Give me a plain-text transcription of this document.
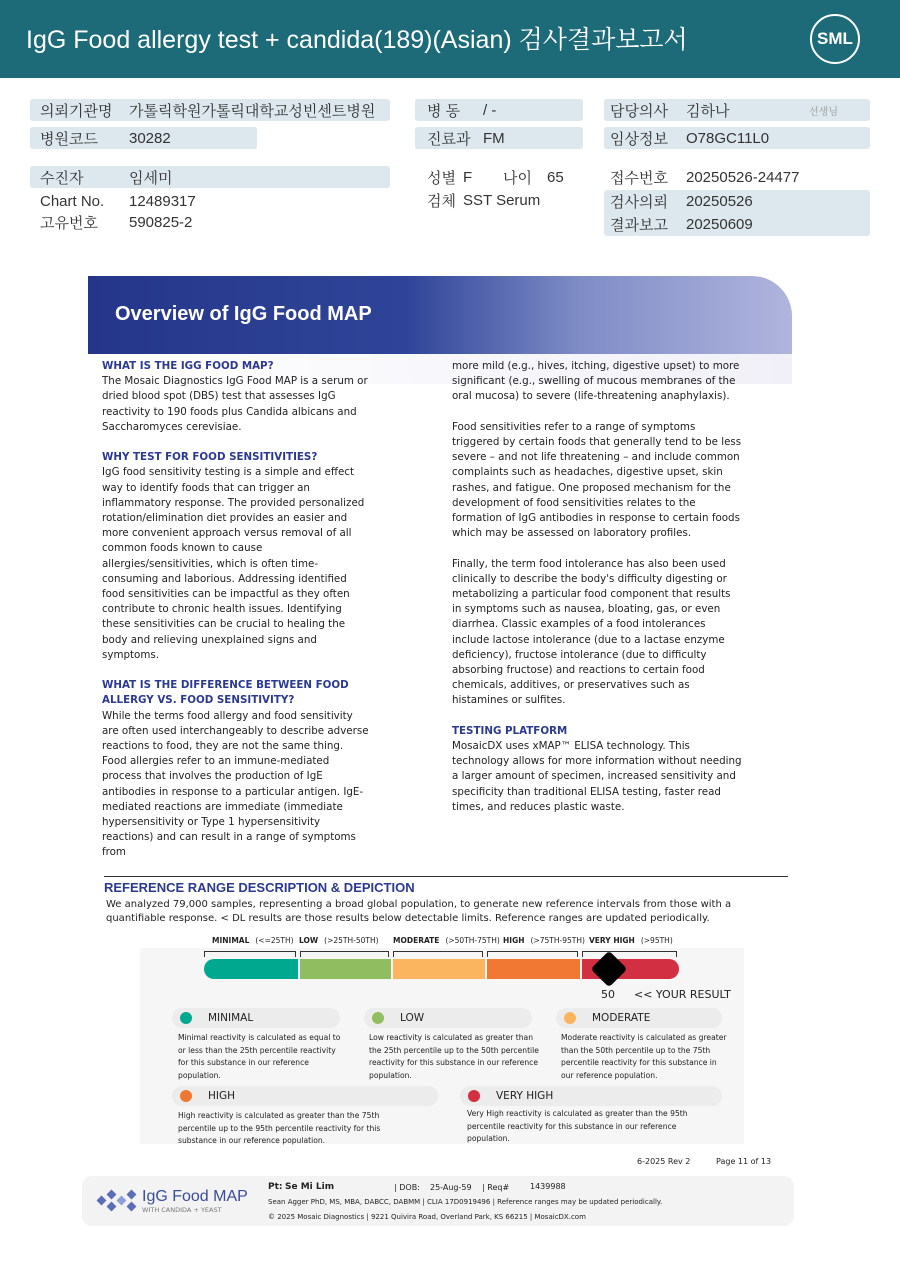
IgG Food allergy test + candida(189)(Asian) 검사결과보고서	SML
의뢰기관명 가톨릭학원가톨릭대학교성빈센트병원
병원코드 30282
병 동 / -
진료과 FM
담당의사 김하나	선생님
임상정보 O78GC11L0
수진자	임세미
Chart No. 12489317
고유번호 590825-2
성별 F 나이 65
검체 SST Serum
접수번호 20250526-24477
검사의뢰 20250526
결과보고 20250609
Overview of IgG Food MAP
WHAT IS THE IGG FOOD MAP?

The Mosaic Diagnostics IgG Food MAP is a serum or dried blood spot (DBS) test that assesses IgG reactivity to 190 foods plus Candida albicans and Saccharomyces cerevisiae.

WHY TEST FOR FOOD SENSITIVITIES?

IgG food sensitivity testing is a simple and effect way to identify foods that can trigger an inflammatory response. The provided personalized rotation/elimination diet provides an easier and more convenient approach versus removal of all common foods known to cause allergies/sensitivities, which is often time-consuming and laborious. Addressing identified food sensitivities can be impactful as they often contribute to chronic health issues. Identifying these sensitivities can be crucial to healing the body and relieving unexplained signs and symptoms.

WHAT IS THE DIFFERENCE BETWEEN FOOD ALLERGY VS. FOOD SENSITIVITY?

While the terms food allergy and food sensitivity are often used interchangeably to describe adverse reactions to food, they are not the same thing. Food allergies refer to an immune-mediated process that involves the production of IgE antibodies in response to a particular antigen. IgE-mediated reactions are immediate (immediate hypersensitivity or Type 1 hypersensitivity reactions) and can result in a range of symptoms from

more mild (e.g., hives, itching, digestive upset) to more significant (e.g., swelling of mucous membranes of the oral mucosa) to severe (life-threatening anaphylaxis).

Food sensitivities refer to a range of symptoms triggered by certain foods that generally tend to be less severe – and not life threatening – and include common complaints such as headaches, digestive upset, skin rashes, and fatigue. One proposed mechanism for the development of food sensitivities relates to the formation of IgG antibodies in response to certain foods which may be assessed on laboratory profiles.

Finally, the term food intolerance has also been used clinically to describe the body's difficulty digesting or metabolizing a particular food component that results in symptoms such as nausea, bloating, gas, or even diarrhea. Classic examples of a food intolerances include lactose intolerance (due to a lactase enzyme deficiency), fructose intolerance (due to difficulty absorbing fructose) and reactions to certain food chemicals, additives, or preservatives such as histamines or sulfites.

TESTING PLATFORM

MosaicDX uses xMAP™ ELISA technology. This technology allows for more information without needing a larger amount of specimen, increased sensitivity and specificity than traditional ELISA testing, faster read times, and reduces plastic waste.

REFERENCE RANGE DESCRIPTION & DEPICTION
We analyzed 79,000 samples, representing a broad global population, to generate new reference intervals from those with a quantifiable response. < DL results are those results below detectable limits. Reference ranges are updated periodically.
MINIMAL (<=25TH) LOW (>25TH-50TH) MODERATE (>50TH-75TH) HIGH (>75TH-95TH) VERY HIGH (>95TH)
50 << YOUR RESULT
MINIMAL
Minimal reactivity is calculated as equal to or less than the 25th percentile reactivity for this substance in our reference population.
LOW
Low reactivity is calculated as greater than the 25th percentile up to the 50th percentile reactivity for this substance in our reference population.
MODERATE
Moderate reactivity is calculated as greater than the 50th percentile up to the 75th percentile reactivity for this substance in our reference population.
HIGH
High reactivity is calculated as greater than the 75th percentile up to the 95th percentile reactivity for this substance in our reference population.
VERY HIGH
Very High reactivity is calculated as greater than the 95th percentile reactivity for this substance in our reference population.
6-2025 Rev 2	Page 11 of 13
IgG Food MAP
WITH CANDIDA + YEAST
Pt: Se Mi Lim	| DOB: 25-Aug-59 | Req#	1439988
Sean Agger PhD, MS, MBA, DABCC, DABMM | CLIA 17D0919496 | Reference ranges may be updated periodically.
© 2025 Mosaic Diagnostics | 9221 Quivira Road, Overland Park, KS 66215 | MosaicDX.com
